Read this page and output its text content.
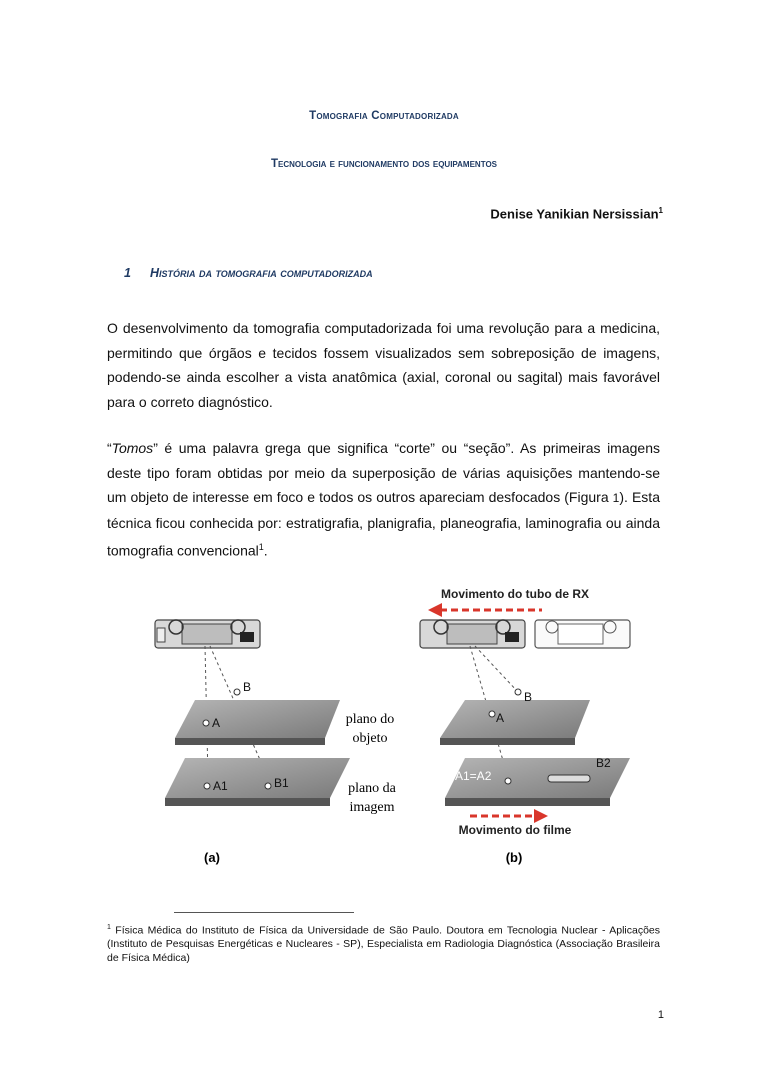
Tomografia Computadorizada
Tecnologia e funcionamento dos equipamentos
Denise Yanikian Nersissian$^1$
1 História da tomografia computadorizada
O desenvolvimento da tomografia computadorizada foi uma revolução para a medicina, permitindo que órgãos e tecidos fossem visualizados sem sobreposição de imagens, podendo-se ainda escolher a vista anatômica (axial, coronal ou sagital) mais favorável para o correto diagnóstico.
“Tomos” é uma palavra grega que significa “corte” ou “seção”. As primeiras imagens deste tipo foram obtidas por meio da superposição de várias aquisições mantendo-se um objeto de interesse em foco e todos os outros apareciam desfocados (Figura 1). Esta técnica ficou conhecida por: estratigrafia, planigrafia, planeografia, laminografia ou ainda tomografia convencional$^1$.
B
A
A1	B1
plano do
objeto
plano da
imagem
(a)
Movimento do tubo de RX
B
A
A1=A2
B2
Movimento do filme
(b)
$^1$ Física Médica do Instituto de Física da Universidade de São Paulo. Doutora em Tecnologia Nuclear - Aplicações (Instituto de Pesquisas Energéticas e Nucleares - SP), Especialista em Radiologia Diagnóstica (Associação Brasileira de Física Médica)
1
